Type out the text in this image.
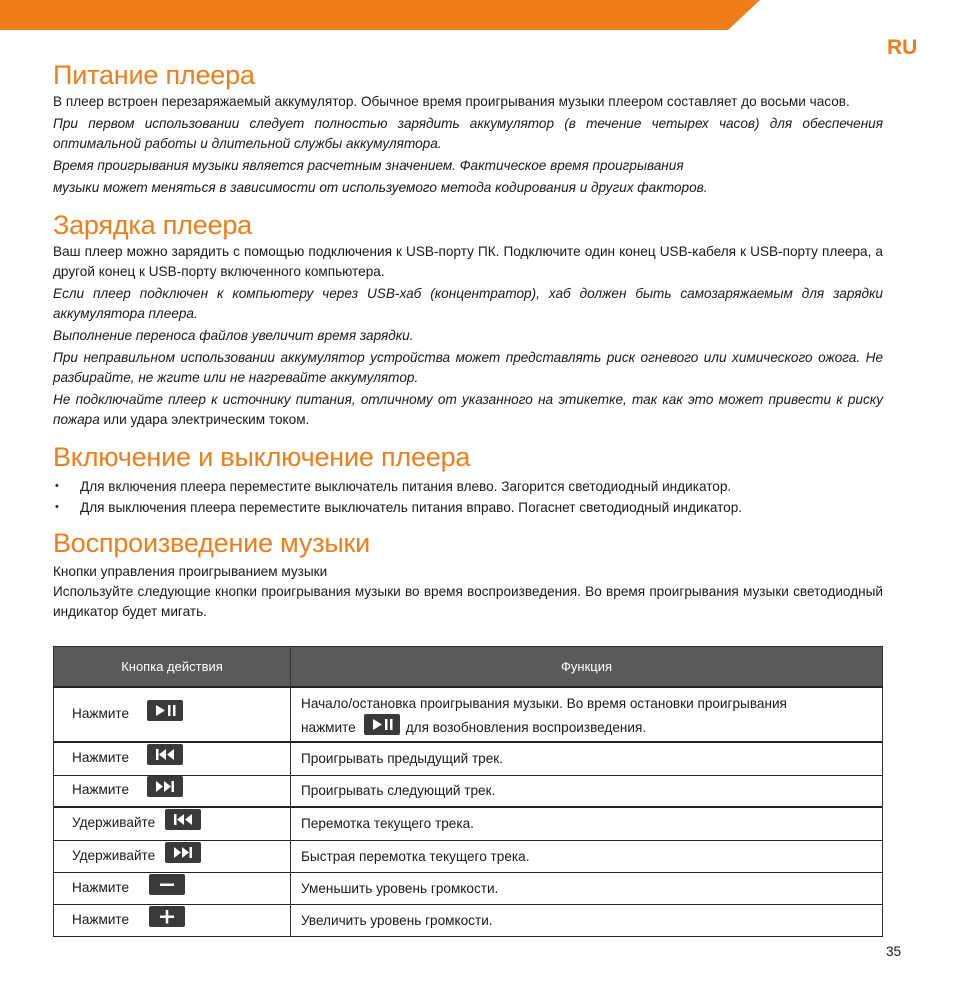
RU
Питание плеера

В плеер встроен перезаряжаемый аккумулятор. Обычное время проигрывания музыки плеером составляет до восьми часов.

При первом использовании следует полностью зарядить аккумулятор (в течение четырех часов) для обеспечения оптимальной работы и длительной службы аккумулятора.

Время проигрывания музыки является расчетным значением. Фактическое время проигрывания

музыки может меняться в зависимости от используемого метода кодирования и других факторов.

Зарядка плеера

Ваш плеер можно зарядить с помощью подключения к USB-порту ПК. Подключите один конец USB-кабеля к USB-порту плеера, а другой конец к USB-порту включенного компьютера.

Если плеер подключен к компьютеру через USB-хаб (концентратор), хаб должен быть самозаряжаемым для зарядки аккумулятора плеера.

Выполнение переноса файлов увеличит время зарядки.

При неправильном использовании аккумулятор устройства может представлять риск огневого или химического ожога. Не разбирайте, не жгите или не нагревайте аккумулятор.

Не подключайте плеер к источнику питания, отличному от указанного на этикетке, так как это может привести к риску пожара или удара электрическим током.

Включение и выключение плеера
• Для включения плеера переместите выключатель питания влево. Загорится светодиодный индикатор.
• Для выключения плеера переместите выключатель питания вправо. Погаснет светодиодный индикатор.
Воспроизведение музыки

Кнопки управления проигрыванием музыки

Используйте следующие кнопки проигрывания музыки во время воспроизведения. Во время проигрывания музыки светодиодный индикатор будет мигать.

Кнопка действия	Функция
Нажмите	Начало/остановка проигрывания музыки. Во время остановки проигрывания
нажмите для возобновления воспроизведения.

Нажмите	Проигрывать предыдущий трек.
Нажмите	Проигрывать следующий трек.
Удерживайте	Перемотка текущего трека.
Удерживайте	Быстрая перемотка текущего трека.
Нажмите	Уменьшить уровень громкости.
Нажмите	Увеличить уровень громкости.
35
